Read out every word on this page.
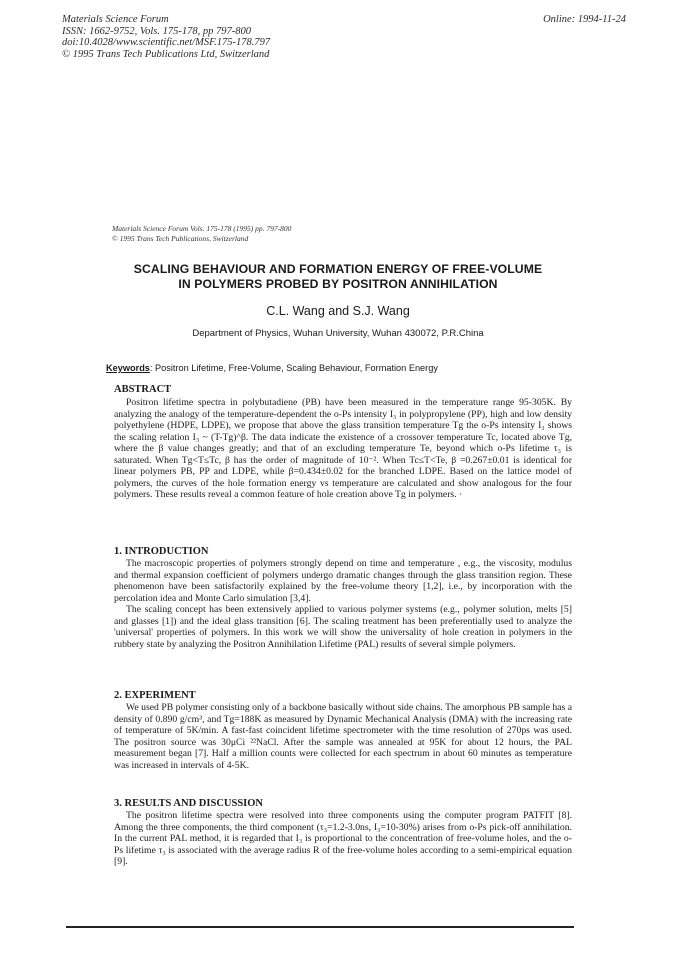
Materials Science Forum
ISSN: 1662-9752, Vols. 175-178, pp 797-800
doi:10.4028/www.scientific.net/MSF.175-178.797
© 1995 Trans Tech Publications Ltd, Switzerland
Online: 1994-11-24
Materials Science Forum Vols. 175-178 (1995) pp. 797-800
© 1995 Trans Tech Publications, Switzerland
SCALING BEHAVIOUR AND FORMATION ENERGY OF FREE-VOLUME
IN POLYMERS PROBED BY POSITRON ANNIHILATION
C.L. Wang and S.J. Wang
Department of Physics, Wuhan University, Wuhan 430072, P.R.China
Keywords: Positron Lifetime, Free-Volume, Scaling Behaviour, Formation Energy
ABSTRACT

Positron lifetime spectra in polybutadiene (PB) have been measured in the temperature range 95-305K. By analyzing the analogy of the temperature-dependent the o-Ps intensity I₃ in polypropylene (PP), high and low density polyethylene (HDPE, LDPE), we propose that above the glass transition temperature Tg the o-Ps intensity I₃ shows the scaling relation I₃ ~ (T-Tg)^β. The data indicate the existence of a crossover temperature Tc, located above Tg, where the β value changes greatly; and that of an excluding temperature Te, beyond which o-Ps lifetime τ₃ is saturated. When Tg<T≤Tc, β has the order of magnitude of 10⁻². When Tc≤T<Te, β =0.267±0.01 is identical for linear polymers PB, PP and LDPE, while β=0.434±0.02 for the branched LDPE. Based on the lattice model of polymers, the curves of the hole formation energy vs temperature are calculated and show analogous for the four polymers. These results reveal a common feature of hole creation above Tg in polymers. ·

1. INTRODUCTION

The macroscopic properties of polymers strongly depend on time and temperature , e.g., the viscosity, modulus and thermal expansion coefficient of polymers undergo dramatic changes through the glass transition region. These phenomenon have been satisfactorily explained by the free-volume theory [1,2], i.e., by incorporation with the percolation idea and Monte Carlo simulation [3,4].

The scaling concept has been extensively applied to various polymer systems (e.g., polymer solution, melts [5] and glasses [1]) and the ideal glass transition [6]. The scaling treatment has been preferentially used to analyze the 'universal' properties of polymers. In this work we will show the universality of hole creation in polymers in the rubbery state by analyzing the Positron Annihilation Lifetime (PAL) results of several simple polymers.

2. EXPERIMENT

We used PB polymer consisting only of a backbone basically without side chains. The amorphous PB sample has a density of 0.890 g/cm³, and Tg=188K as measured by Dynamic Mechanical Analysis (DMA) with the increasing rate of temperature of 5K/min. A fast-fast coincident lifetime spectrometer with the time resolution of 270ps was used. The positron source was 30μCi ²²NaCl. After the sample was annealed at 95K for about 12 hours, the PAL measurement began [7]. Half a million counts were collected for each spectrum in about 60 minutes as temperature was increased in intervals of 4-5K.

3. RESULTS AND DISCUSSION

The positron lifetime spectra were resolved into three components using the computer program PATFIT [8]. Among the three components, the third component (τ₃=1.2-3.0ns, I₃=10-30%) arises from o-Ps pick-off annihilation. In the current PAL method, it is regarded that I₃ is proportional to the concentration of free-volume holes, and the o-Ps lifetime τ₃ is associated with the average radius R of the free-volume holes according to a semi-empirical equation [9].
